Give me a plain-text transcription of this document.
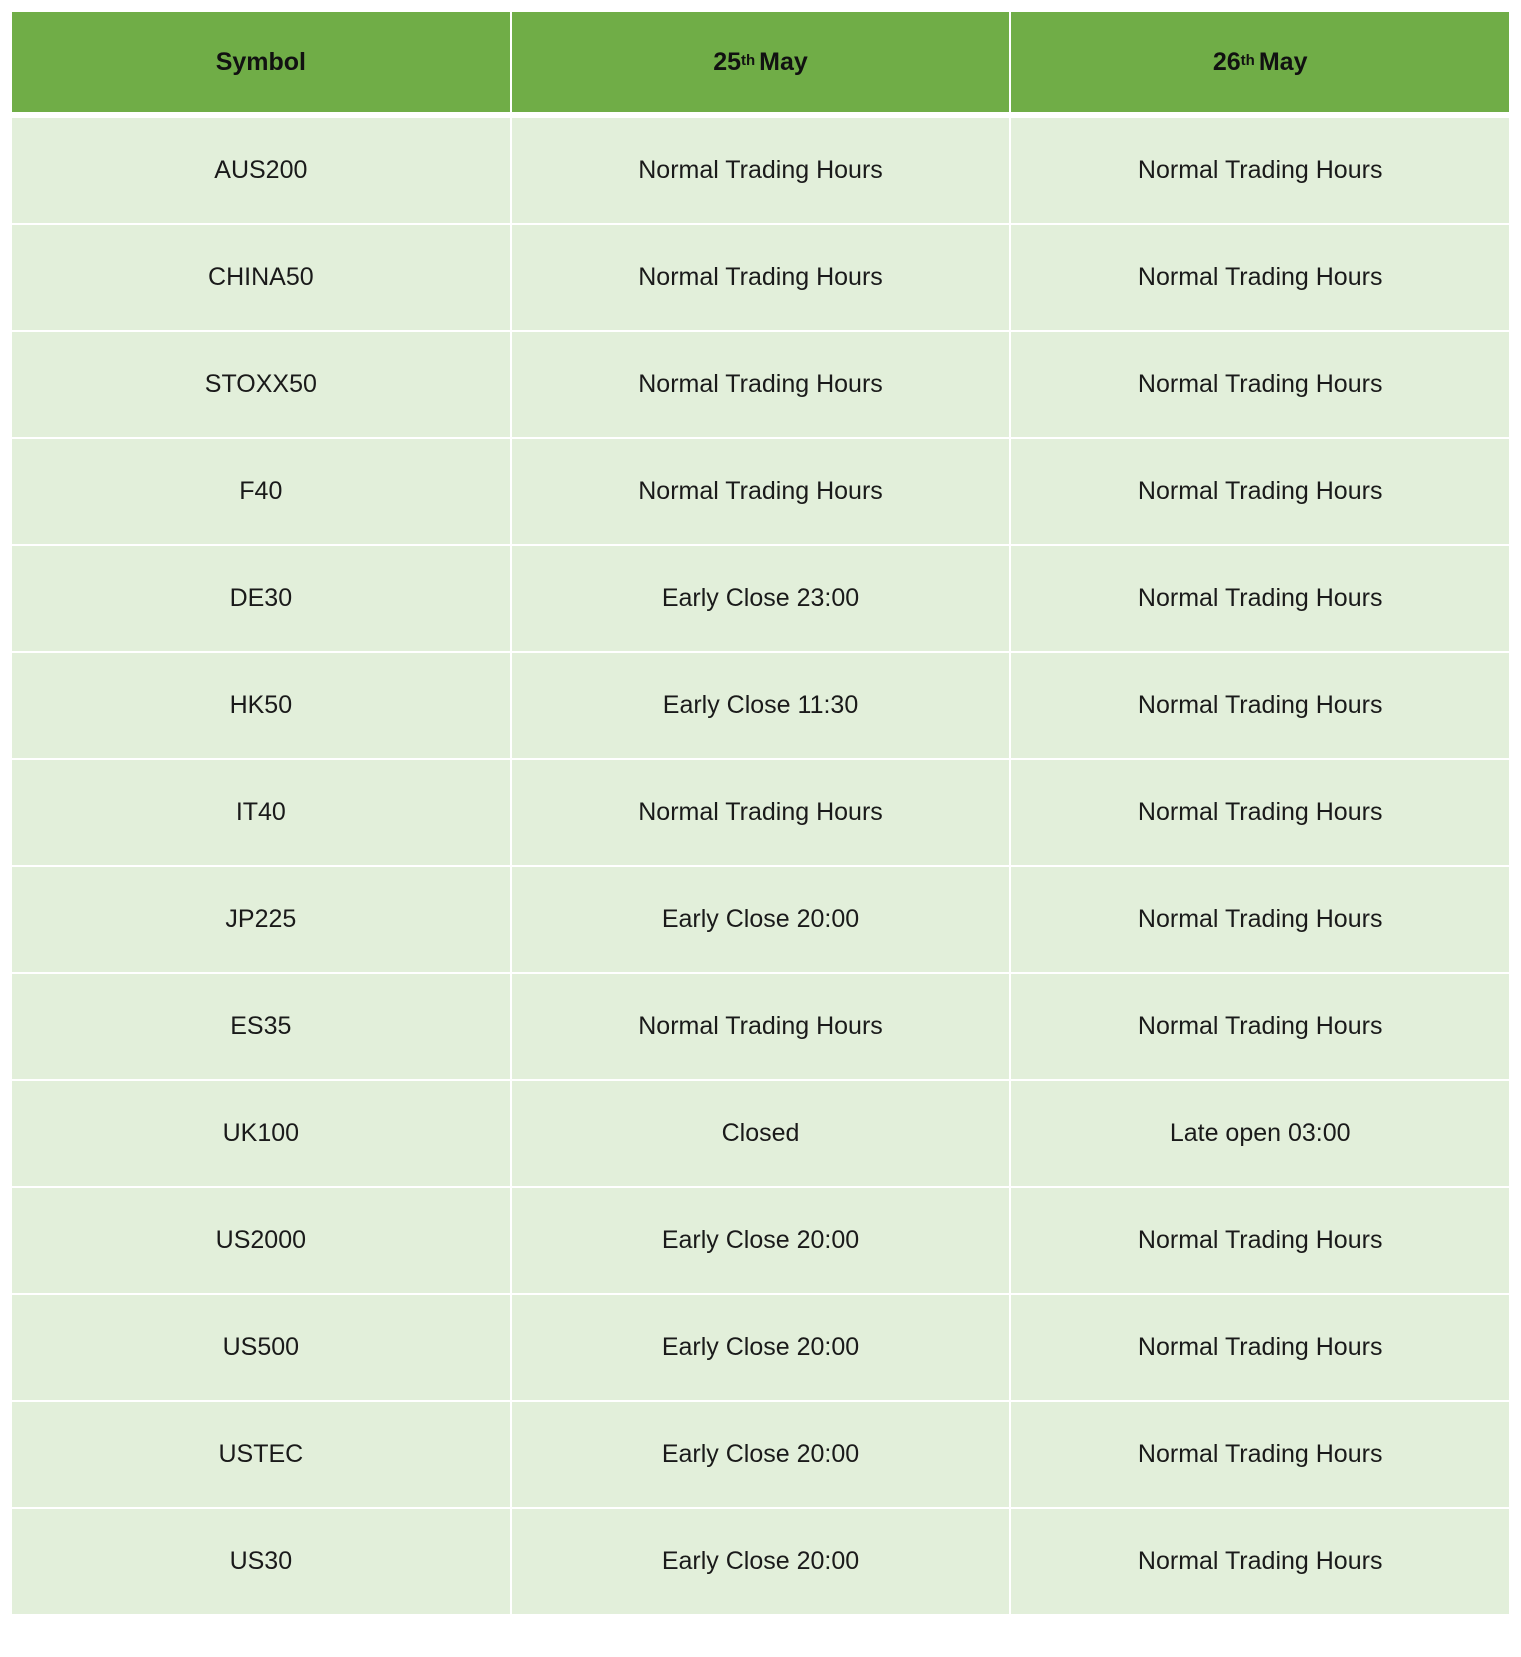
Symbol	25th May	26th May
AUS200	Normal Trading Hours	Normal Trading Hours
CHINA50	Normal Trading Hours	Normal Trading Hours
STOXX50	Normal Trading Hours	Normal Trading Hours
F40	Normal Trading Hours	Normal Trading Hours
DE30	Early Close 23:00	Normal Trading Hours
HK50	Early Close 11:30	Normal Trading Hours
IT40	Normal Trading Hours	Normal Trading Hours
JP225	Early Close 20:00	Normal Trading Hours
ES35	Normal Trading Hours	Normal Trading Hours
UK100	Closed	Late open 03:00
US2000	Early Close 20:00	Normal Trading Hours
US500	Early Close 20:00	Normal Trading Hours
USTEC	Early Close 20:00	Normal Trading Hours
US30	Early Close 20:00	Normal Trading Hours
